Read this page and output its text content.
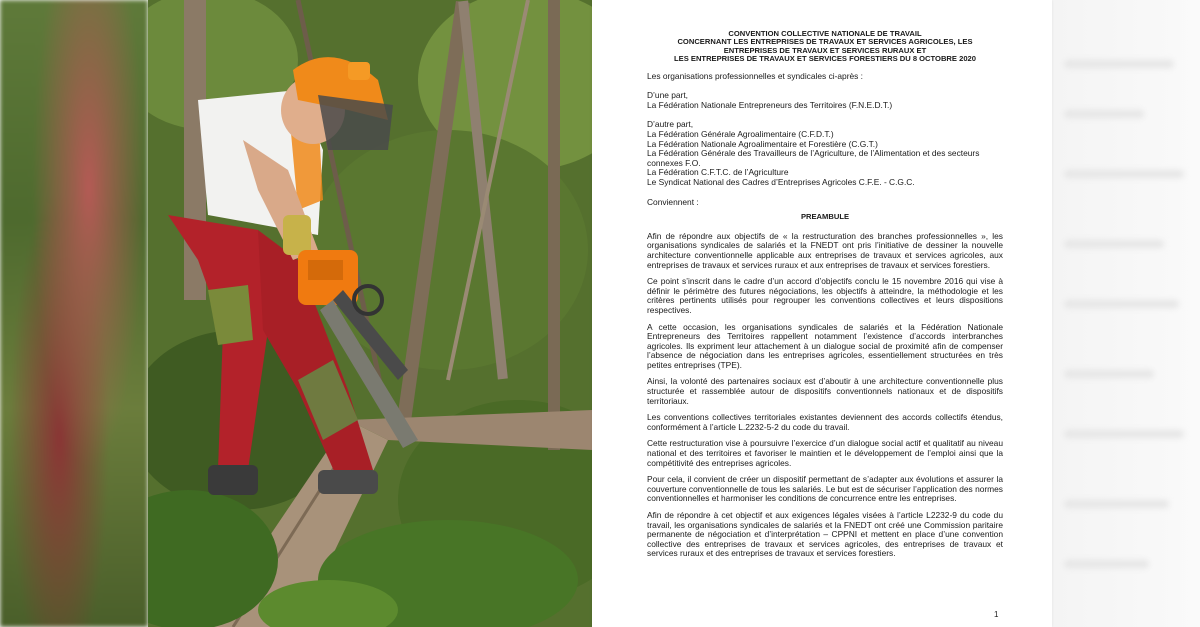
CONVENTION COLLECTIVE NATIONALE DE TRAVAIL
CONCERNANT LES ENTREPRISES DE TRAVAUX ET SERVICES AGRICOLES, LES
ENTREPRISES DE TRAVAUX ET SERVICES RURAUX ET
LES ENTREPRISES DE TRAVAUX ET SERVICES FORESTIERS DU 8 OCTOBRE 2020

Les organisations professionnelles et syndicales ci-après :

D’une part,

La Fédération Nationale Entrepreneurs des Territoires (F.N.E.D.T.)

D’autre part,

La Fédération Générale Agroalimentaire (C.F.D.T.)

La Fédération Nationale Agroalimentaire et Forestière (C.G.T.)

La Fédération Générale des Travailleurs de l’Agriculture, de l’Alimentation et des secteurs

connexes F.O.

La Fédération C.F.T.C. de l’Agriculture

Le Syndicat National des Cadres d’Entreprises Agricoles C.F.E. - C.G.C.

Conviennent :

PREAMBULE

Afin de répondre aux objectifs de « la restructuration des branches professionnelles », les organisations syndicales de salariés et la FNEDT ont pris l’initiative de dessiner la nouvelle architecture conventionnelle applicable aux entreprises de travaux et services agricoles, aux entreprises de travaux et services ruraux et aux entreprises de travaux et services forestiers.

Ce point s’inscrit dans le cadre d’un accord d’objectifs conclu le 15 novembre 2016 qui vise à définir le périmètre des futures négociations, les objectifs à atteindre, la méthodologie et les critères pertinents utilisés pour regrouper les conventions collectives et leurs dispositions respectives.

A cette occasion, les organisations syndicales de salariés et la Fédération Nationale Entrepreneurs des Territoires rappellent notamment l’existence d’accords interbranches agricoles. Ils expriment leur attachement à un dialogue social de proximité afin de compenser l’absence de négociation dans les entreprises agricoles, essentiellement structurées en très petites entreprises (TPE).

Ainsi, la volonté des partenaires sociaux est d’aboutir à une architecture conventionnelle plus structurée et rassemblée autour de dispositifs conventionnels nationaux et de dispositifs territoriaux.

Les conventions collectives territoriales existantes deviennent des accords collectifs étendus, conformément à l’article L.2232-5-2 du code du travail.

Cette restructuration vise à poursuivre l’exercice d’un dialogue social actif et qualitatif au niveau national et des territoires et favoriser le maintien et le développement de l’emploi ainsi que la compétitivité des entreprises agricoles.

Pour cela, il convient de créer un dispositif permettant de s’adapter aux évolutions et assurer la couverture conventionnelle de tous les salariés. Le but est de sécuriser l’application des normes conventionnelles et harmoniser les conditions de concurrence entre les entreprises.

Afin de répondre à cet objectif et aux exigences légales visées à l’article L2232-9 du code du travail, les organisations syndicales de salariés et la FNEDT ont créé une Commission paritaire permanente de négociation et d’interprétation – CPPNI et mettent en place d’une convention collective des entreprises de travaux et services agricoles, des entreprises de travaux et services ruraux et des entreprises de travaux et services forestiers.

1
